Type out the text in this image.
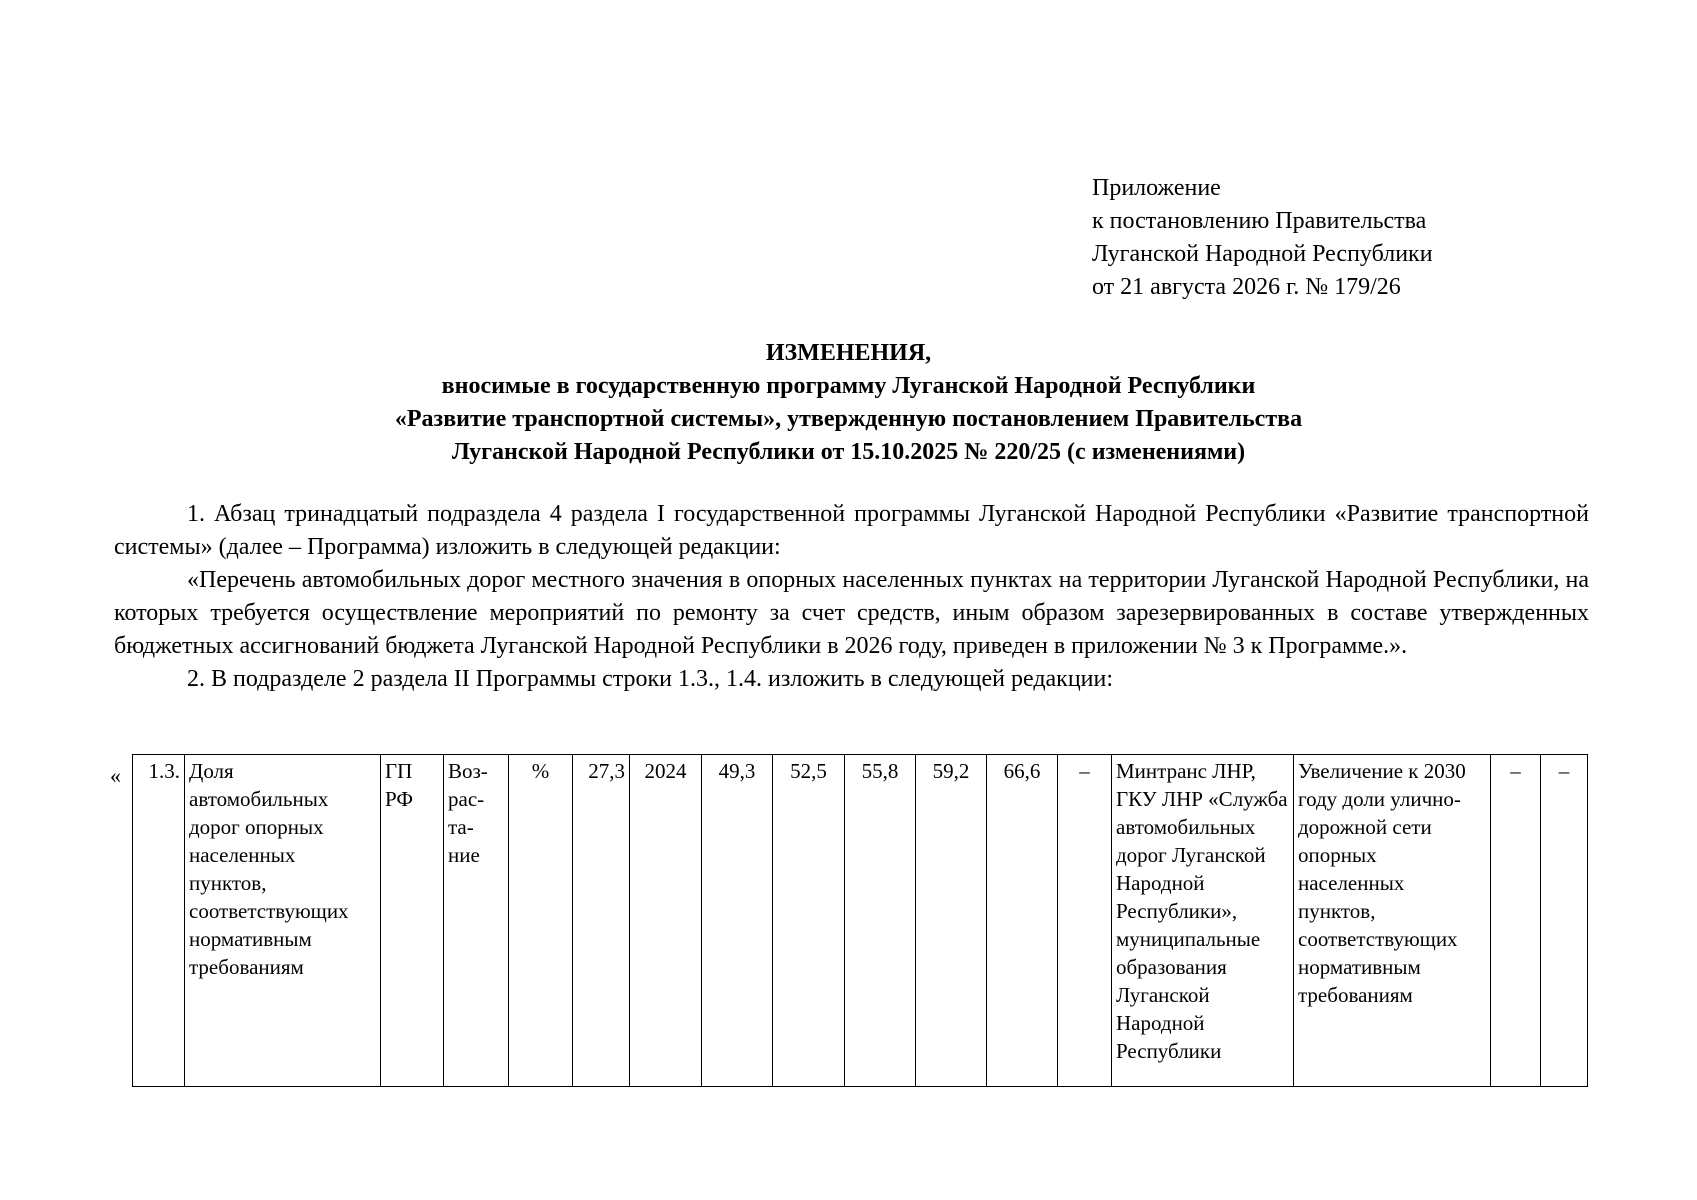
Приложение
к постановлению Правительства
Луганской Народной Республики
от 21 августа 2026 г. № 179/26
ИЗМЕНЕНИЯ,
вносимые в государственную программу Луганской Народной Республики
«Развитие транспортной системы», утвержденную постановлением Правительства
Луганской Народной Республики от 15.10.2025 № 220/25 (с изменениями)

1. Абзац тринадцатый подраздела 4 раздела I государственной программы Луганской Народной Республики «Развитие транспортной системы» (далее – Программа) изложить в следующей редакции:

«Перечень автомобильных дорог местного значения в опорных населенных пунктах на территории Луганской Народной Республики, на которых требуется осуществление мероприятий по ремонту за счет средств, иным образом зарезервированных в составе утвержденных бюджетных ассигнований бюджета Луганской Народной Республики в 2026 году, приведен в приложении № 3 к Программе.».

2. В подразделе 2 раздела II Программы строки 1.3., 1.4. изложить в следующей редакции:

« 1.3.	Доля автомобильных дорог опорных населенных пунктов, соответствующих нормативным требованиям	ГП РФ	Воз-рас-та-ние	%	27,3	2024	49,3	52,5	55,8	59,2	66,6	–	Минтранс ЛНР, ГКУ ЛНР «Служба автомобильных дорог Луганской Народной Республики», муниципальные образования Луганской Народной Республики	Увеличение к 2030 году доли улично-дорожной сети опорных населенных пунктов, соответствующих нормативным требованиям	–	–
